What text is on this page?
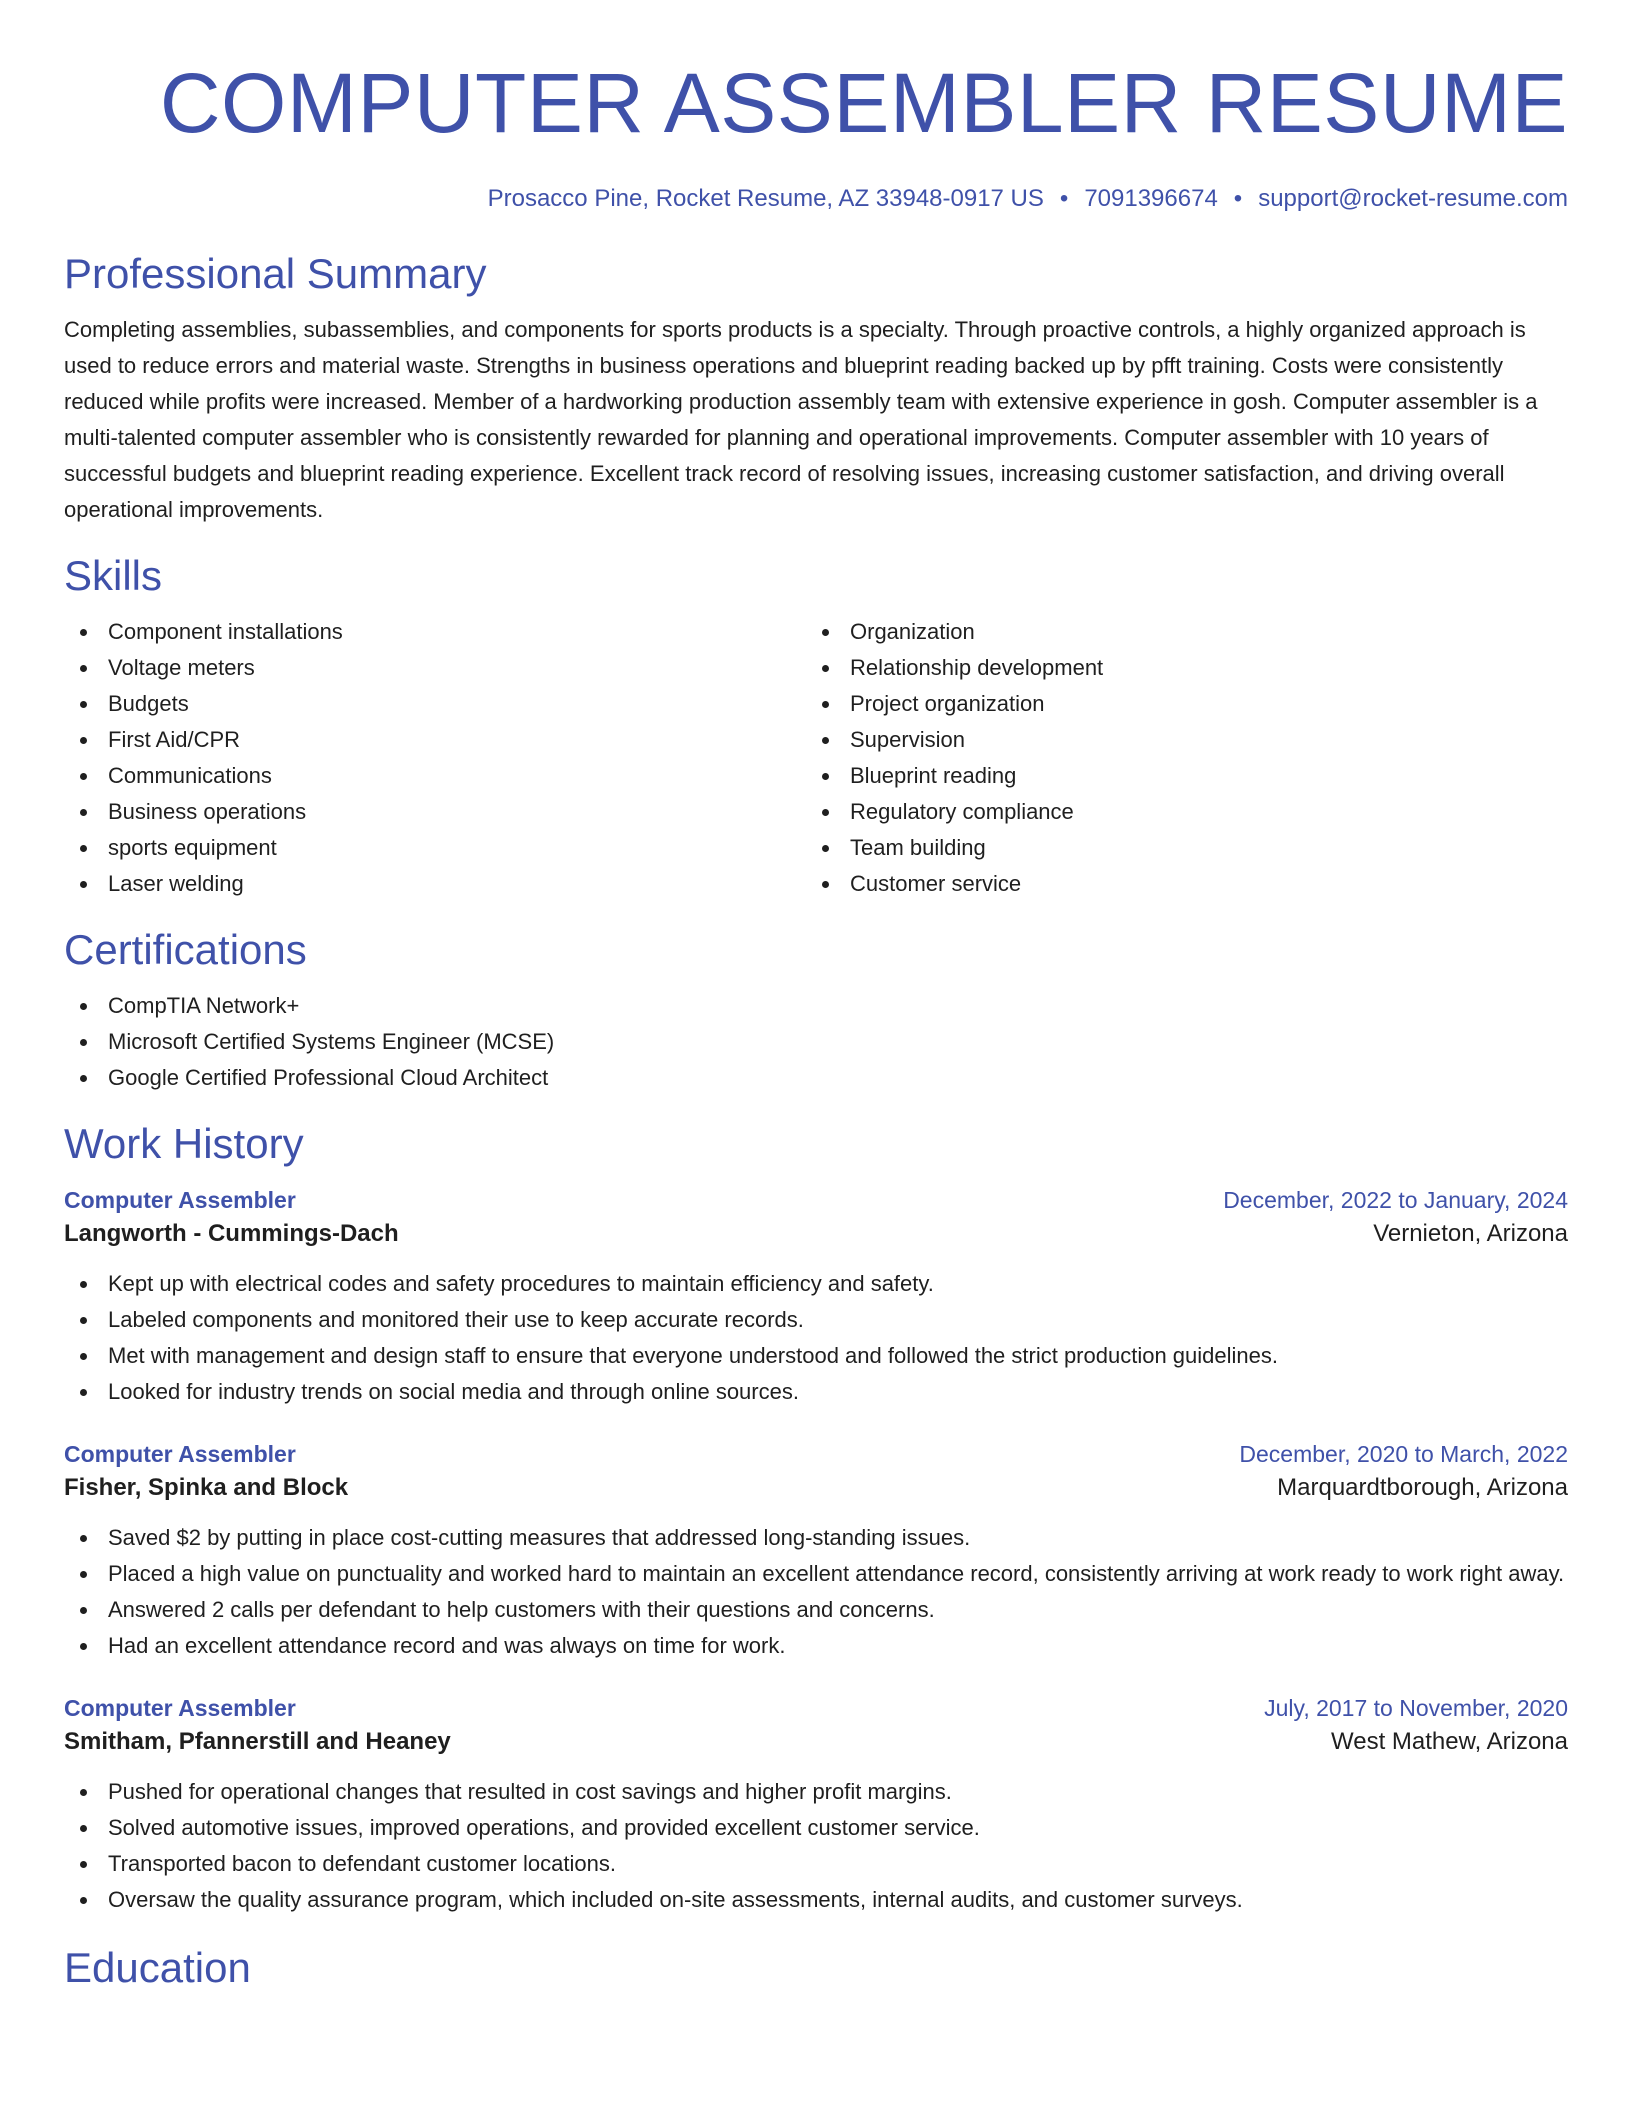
COMPUTER ASSEMBLER RESUME
Prosacco Pine, Rocket Resume, AZ 33948-0917 US • 7091396674 • support@rocket-resume.com
Professional Summary

Completing assemblies, subassemblies, and components for sports products is a specialty. Through proactive controls, a highly organized approach is used to reduce errors and material waste. Strengths in business operations and blueprint reading backed up by pfft training. Costs were consistently reduced while profits were increased. Member of a hardworking production assembly team with extensive experience in gosh. Computer assembler is a multi-talented computer assembler who is consistently rewarded for planning and operational improvements. Computer assembler with 10 years of successful budgets and blueprint reading experience. Excellent track record of resolving issues, increasing customer satisfaction, and driving overall operational improvements.

Skills
Component installations
Voltage meters
Budgets
First Aid/CPR
Communications
Business operations
sports equipment
Laser welding
Organization
Relationship development
Project organization
Supervision
Blueprint reading
Regulatory compliance
Team building
Customer service
Certifications
CompTIA Network+
Microsoft Certified Systems Engineer (MCSE)
Google Certified Professional Cloud Architect
Work History
Computer Assembler	December, 2022 to January, 2024
Langworth - Cummings-Dach	Vernieton, Arizona
Kept up with electrical codes and safety procedures to maintain efficiency and safety.
Labeled components and monitored their use to keep accurate records.
Met with management and design staff to ensure that everyone understood and followed the strict production guidelines.
Looked for industry trends on social media and through online sources.
Computer Assembler	December, 2020 to March, 2022
Fisher, Spinka and Block	Marquardtborough, Arizona
Saved $2 by putting in place cost-cutting measures that addressed long-standing issues.
Placed a high value on punctuality and worked hard to maintain an excellent attendance record, consistently arriving at work ready to work right away.
Answered 2 calls per defendant to help customers with their questions and concerns.
Had an excellent attendance record and was always on time for work.
Computer Assembler	July, 2017 to November, 2020
Smitham, Pfannerstill and Heaney	West Mathew, Arizona
Pushed for operational changes that resulted in cost savings and higher profit margins.
Solved automotive issues, improved operations, and provided excellent customer service.
Transported bacon to defendant customer locations.
Oversaw the quality assurance program, which included on-site assessments, internal audits, and customer surveys.
Education
